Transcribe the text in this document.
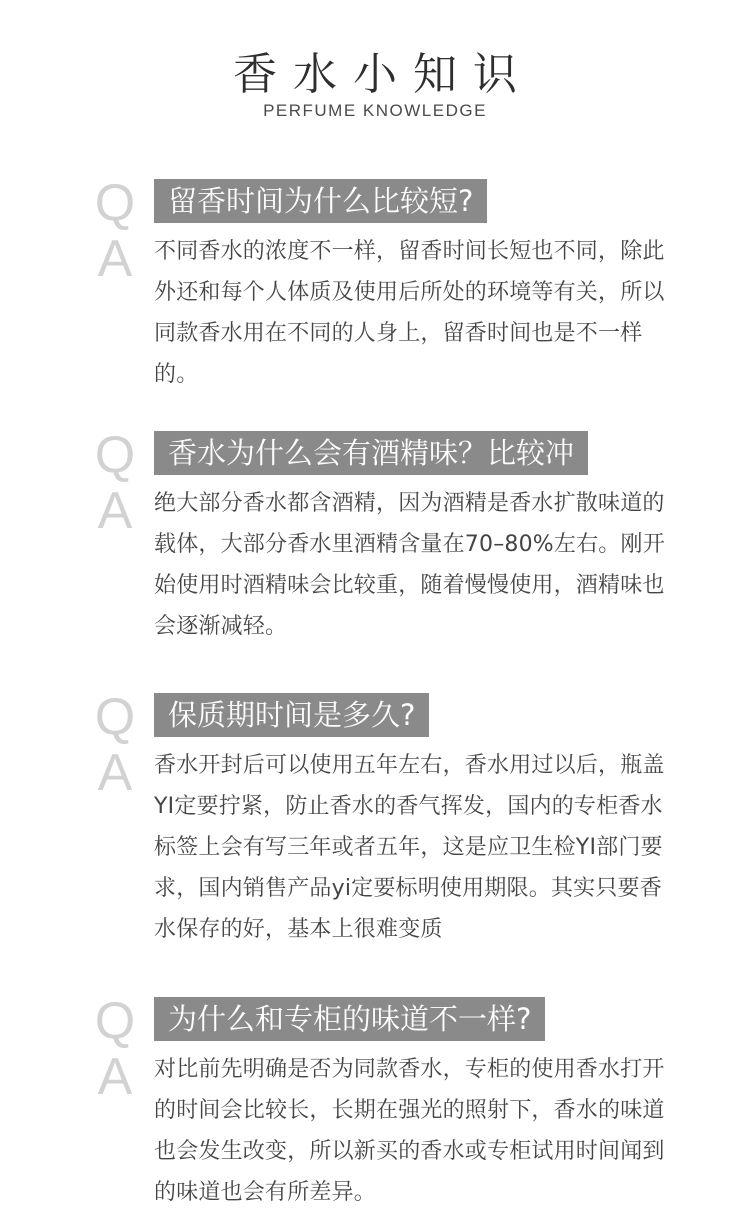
香水小知识
PERFUME KNOWLEDGE
Q	留香时间为什么比较短?
A 不同香水的浓度不一样，留香时间长短也不同，除此外还和每个人体质及使用后所处的环境等有关，所以同款香水用在不同的人身上，留香时间也是不一样的。
Q	香水为什么会有酒精味？比较冲
A 绝大部分香水都含酒精，因为酒精是香水扩散味道的载体，大部分香水里酒精含量在70–80%左右。刚开始使用时酒精味会比较重，随着慢慢使用，酒精味也会逐渐减轻。
Q	保质期时间是多久?
A 香水开封后可以使用五年左右，香水用过以后，瓶盖YI定要拧紧，防止香水的香气挥发，国内的专柜香水标签上会有写三年或者五年，这是应卫生检YI部门要求，国内销售产品yi定要标明使用期限。其实只要香水保存的好，基本上很难变质
Q	为什么和专柜的味道不一样?
A 对比前先明确是否为同款香水，专柜的使用香水打开的时间会比较长，长期在强光的照射下，香水的味道也会发生改变，所以新买的香水或专柜试用时间闻到的味道也会有所差异。
